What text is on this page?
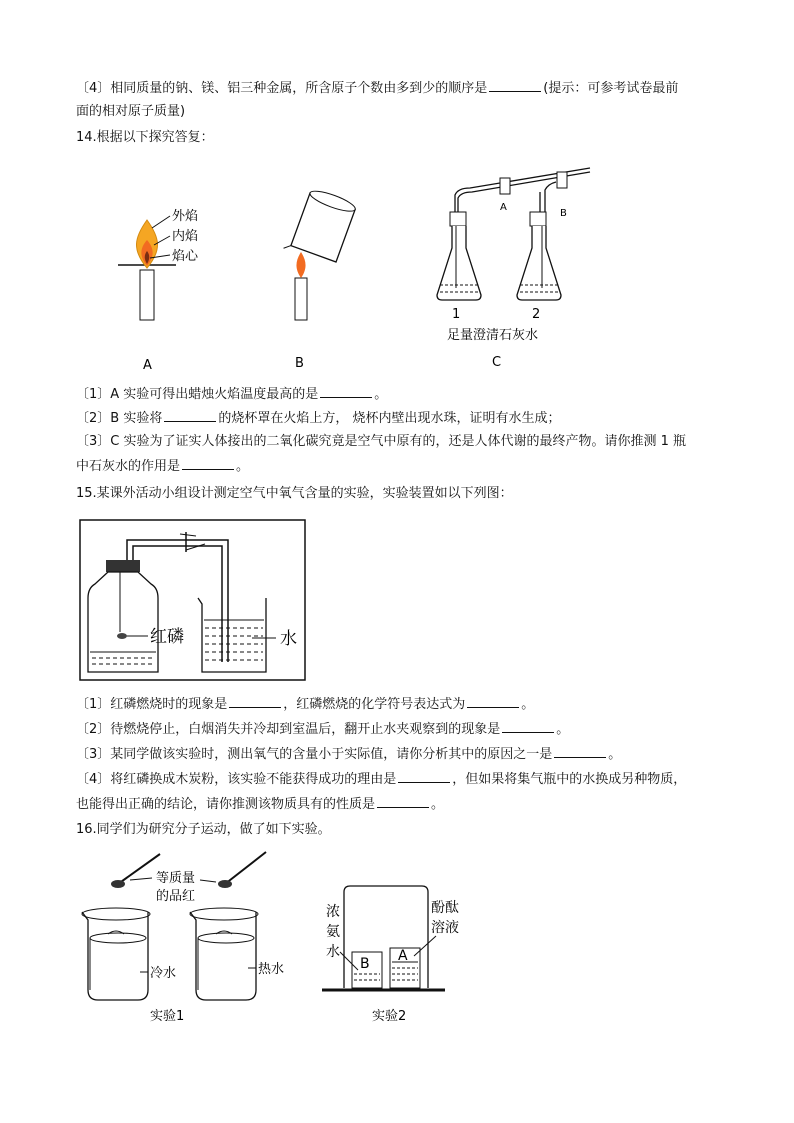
〔4〕相同质量的钠、镁、铝三种金属，所含原子个数由多到少的顺序是	(提示：可参考试卷最前
面的相对原子质量)
14.根据以下探究答复：
外焰
内焰
焰心
A	B
A
B
1	2
足量澄清石灰水
C
〔1〕A 实验可得出蜡烛火焰温度最高的是	。
〔2〕B 实验将	的烧杯罩在火焰上方， 烧杯内壁出现水珠，证明有水生成；
〔3〕C 实验为了证实人体接出的二氧化碳究竟是空气中原有的，还是人体代谢的最终产物。请你推测 1 瓶
中石灰水的作用是	。
15.某课外活动小组设计测定空气中氧气含量的实验，实验装置如以下列图：
红磷	水
〔1〕红磷燃烧时的现象是	，红磷燃烧的化学符号表达式为	。
〔2〕待燃烧停止，白烟消失并冷却到室温后，翻开止水夹观察到的现象是	。
〔3〕某同学做该实验时，测出氧气的含量小于实际值，请你分析其中的原因之一是	。
〔4〕将红磷换成木炭粉，该实验不能获得成功的理由是	，但如果将集气瓶中的水换成另种物质，
也能得出正确的结论，请你推测该物质具有的性质是	。
16.同学们为研究分子运动，做了如下实验。
等质量
的品红
冷水	热水
实验1
B A
浓
氨
水
酚酞
溶液
实验2
